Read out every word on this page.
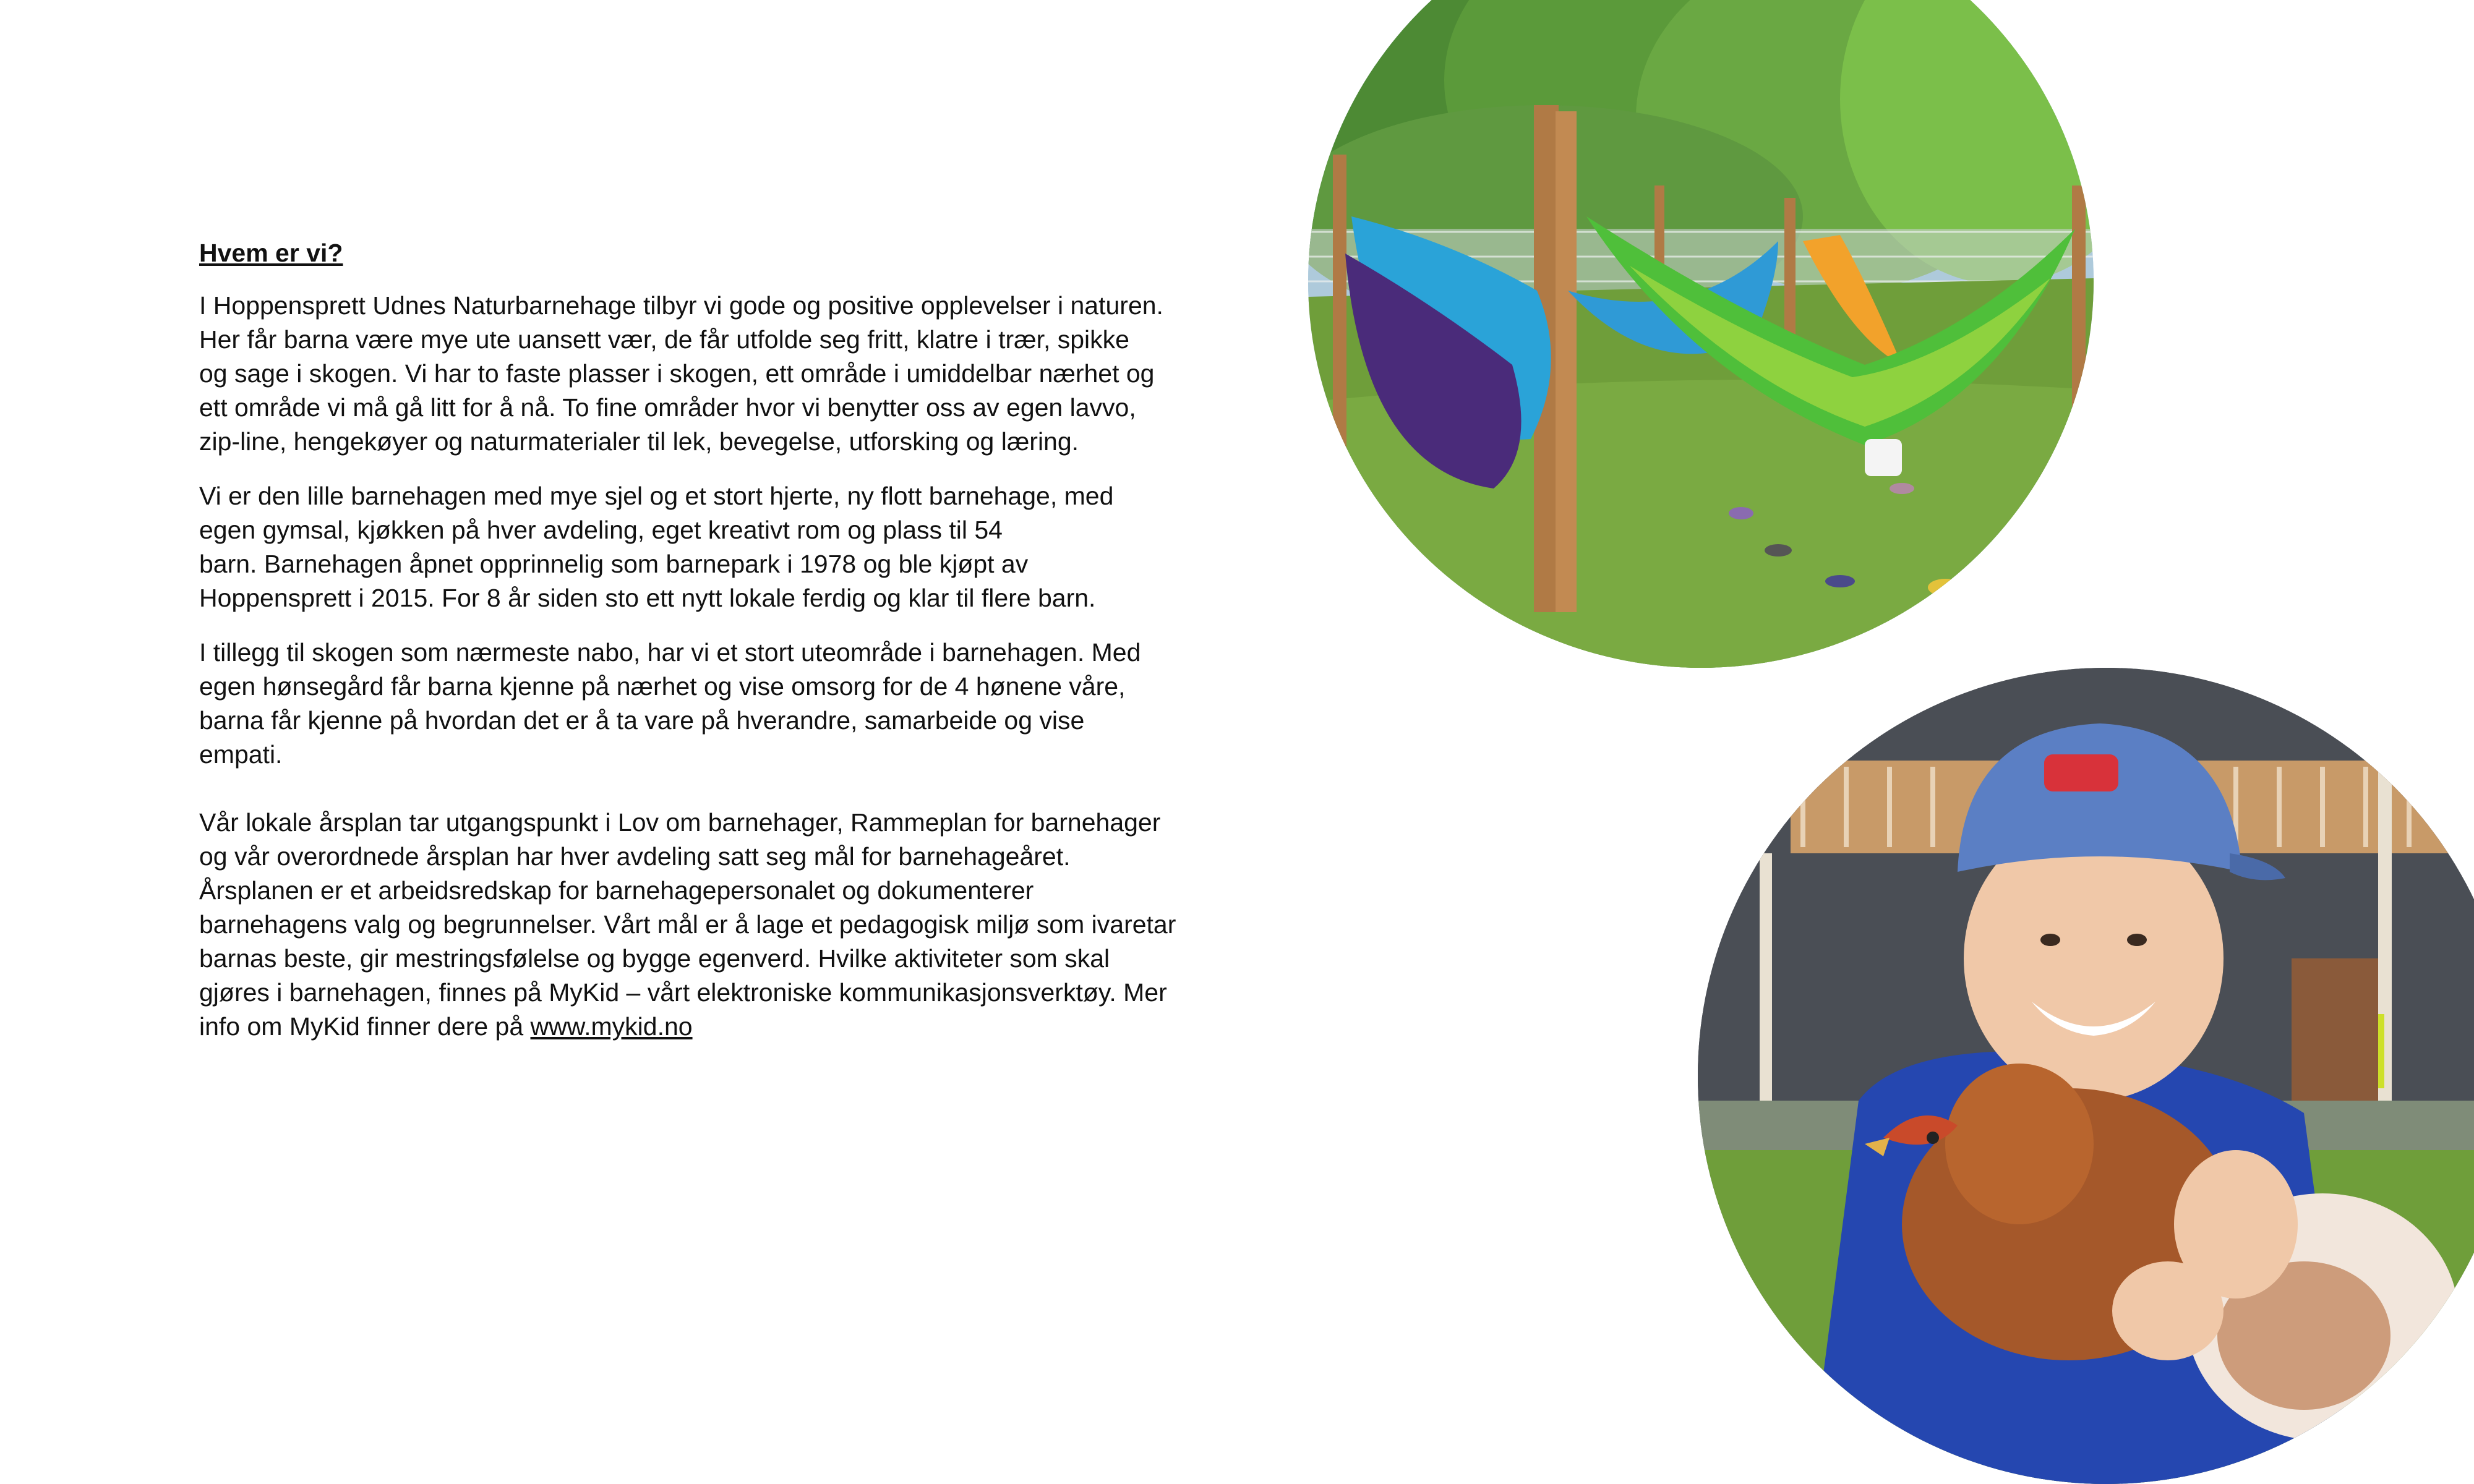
Hvem er vi?

I Hoppensprett Udnes Naturbarnehage tilbyr vi gode og positive opplevelser i naturen.
Her får barna være mye ute uansett vær, de får utfolde seg fritt, klatre i trær, spikke
og sage i skogen. Vi har to faste plasser i skogen, ett område i umiddelbar nærhet og
ett område vi må gå litt for å nå. To fine områder hvor vi benytter oss av egen lavvo,
zip-line, hengekøyer og naturmaterialer til lek, bevegelse, utforsking og læring.

Vi er den lille barnehagen med mye sjel og et stort hjerte, ny flott barnehage, med
egen gymsal, kjøkken på hver avdeling, eget kreativt rom og plass til 54
barn. Barnehagen åpnet opprinnelig som barnepark i 1978 og ble kjøpt av
Hoppensprett i 2015. For 8 år siden sto ett nytt lokale ferdig og klar til flere barn.

I tillegg til skogen som nærmeste nabo, har vi et stort uteområde i barnehagen. Med
egen hønsegård får barna kjenne på nærhet og vise omsorg for de 4 hønene våre,
barna får kjenne på hvordan det er å ta vare på hverandre, samarbeide og vise
empati.

Vår lokale årsplan tar utgangspunkt i Lov om barnehager, Rammeplan for barnehager
og vår overordnede årsplan har hver avdeling satt seg mål for barnehageåret.
Årsplanen er et arbeidsredskap for barnehagepersonalet og dokumenterer
barnehagens valg og begrunnelser. Vårt mål er å lage et pedagogisk miljø som ivaretar
barnas beste, gir mestringsfølelse og bygge egenverd. Hvilke aktiviteter som skal
gjøres i barnehagen, finnes på MyKid – vårt elektroniske kommunikasjonsverktøy. Mer
info om MyKid finner dere på www.mykid.no
